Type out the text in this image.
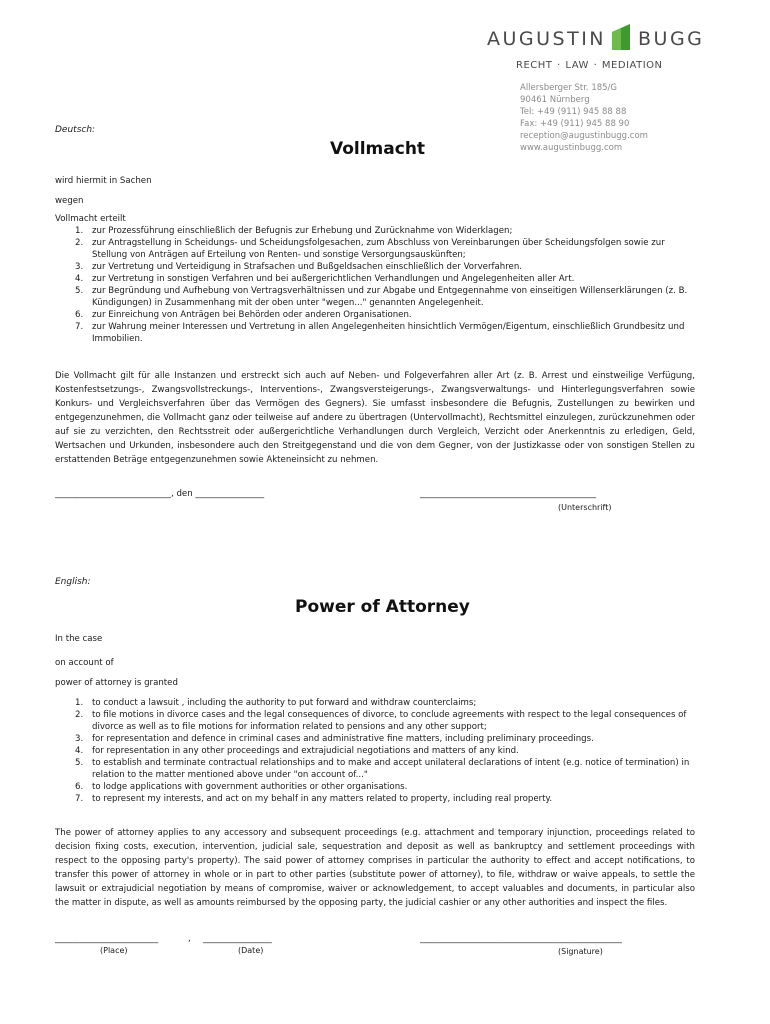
AUGUSTIN BUGG
RECHT · LAW · MEDIATION
Allersberger Str. 185/G
90461 Nürnberg
Tel: +49 (911) 945 88 88
Fax: +49 (911) 945 88 90
reception@augustinbugg.com
www.augustinbugg.com
Deutsch:
Vollmacht
wird hiermit in Sachen
wegen
Vollmacht erteilt
1. zur Prozessführung einschließlich der Befugnis zur Erhebung und Zurücknahme von Widerklagen;
2. zur Antragstellung in Scheidungs- und Scheidungsfolgesachen, zum Abschluss von Vereinbarungen über Scheidungsfolgen sowie zur Stellung von Anträgen auf Erteilung von Renten- und sonstige Versorgungsauskünften;
3. zur Vertretung und Verteidigung in Strafsachen und Bußgeldsachen einschließlich der Vorverfahren.
4. zur Vertretung in sonstigen Verfahren und bei außergerichtlichen Verhandlungen und Angelegenheiten aller Art.
5. zur Begründung und Aufhebung von Vertragsverhältnissen und zur Abgabe und Entgegennahme von einseitigen Willenserklärungen (z. B. Kündigungen) in Zusammenhang mit der oben unter "wegen..." genannten Angelegenheit.
6. zur Einreichung von Anträgen bei Behörden oder anderen Organisationen.
7. zur Wahrung meiner Interessen und Vertretung in allen Angelegenheiten hinsichtlich Vermögen/Eigentum, einschließlich Grundbesitz und Immobilien.
Die Vollmacht gilt für alle Instanzen und erstreckt sich auch auf Neben- und Folgeverfahren aller Art (z. B. Arrest und einstweilige Verfügung, Kostenfestsetzungs-, Zwangsvollstreckungs-, Interventions-, Zwangsversteigerungs-, Zwangsverwaltungs- und Hinterlegungsverfahren sowie Konkurs- und Vergleichsverfahren über das Vermögen des Gegners). Sie umfasst insbesondere die Befugnis, Zustellungen zu bewirken und entgegenzunehmen, die Vollmacht ganz oder teilweise auf andere zu übertragen (Untervollmacht), Rechtsmittel einzulegen, zurückzunehmen oder auf sie zu verzichten, den Rechtsstreit oder außergerichtliche Verhandlungen durch Vergleich, Verzicht oder Anerkenntnis zu erledigen, Geld, Wertsachen und Urkunden, insbesondere auch den Streitgegenstand und die von dem Gegner, von der Justizkasse oder von sonstigen Stellen zu erstattenden Beträge entgegenzunehmen sowie Akteneinsicht zu nehmen.
___________________________, den ________________	_________________________________________
(Unterschrift)
English:
Power of Attorney
In the case
on account of
power of attorney is granted
1. to conduct a lawsuit , including the authority to put forward and withdraw counterclaims;
2. to file motions in divorce cases and the legal consequences of divorce, to conclude agreements with respect to the legal consequences of divorce as well as to file motions for information related to pensions and any other support;
3. for representation and defence in criminal cases and administrative fine matters, including preliminary proceedings.
4. for representation in any other proceedings and extrajudicial negotiations and matters of any kind.
5. to establish and terminate contractual relationships and to make and accept unilateral declarations of intent (e.g. notice of termination) in relation to the matter mentioned above under "on account of..."
6. to lodge applications with government authorities or other organisations.
7. to represent my interests, and act on my behalf in any matters related to property, including real property.
The power of attorney applies to any accessory and subsequent proceedings (e.g. attachment and temporary injunction, proceedings related to decision fixing costs, execution, intervention, judicial sale, sequestration and deposit as well as bankruptcy and settlement proceedings with respect to the opposing party's property). The said power of attorney comprises in particular the authority to effect and accept notifications, to transfer this power of attorney in whole or in part to other parties (substitute power of attorney), to file, withdraw or waive appeals, to settle the lawsuit or extrajudicial negotiation by means of compromise, waiver or acknowledgement, to accept valuables and documents, in particular also the matter in dispute, as well as amounts reimbursed by the opposing party, the judicial cashier or any other authorities and inspect the files.
________________________	, ________________	_______________________________________________
(Place)	(Date)	(Signature)
